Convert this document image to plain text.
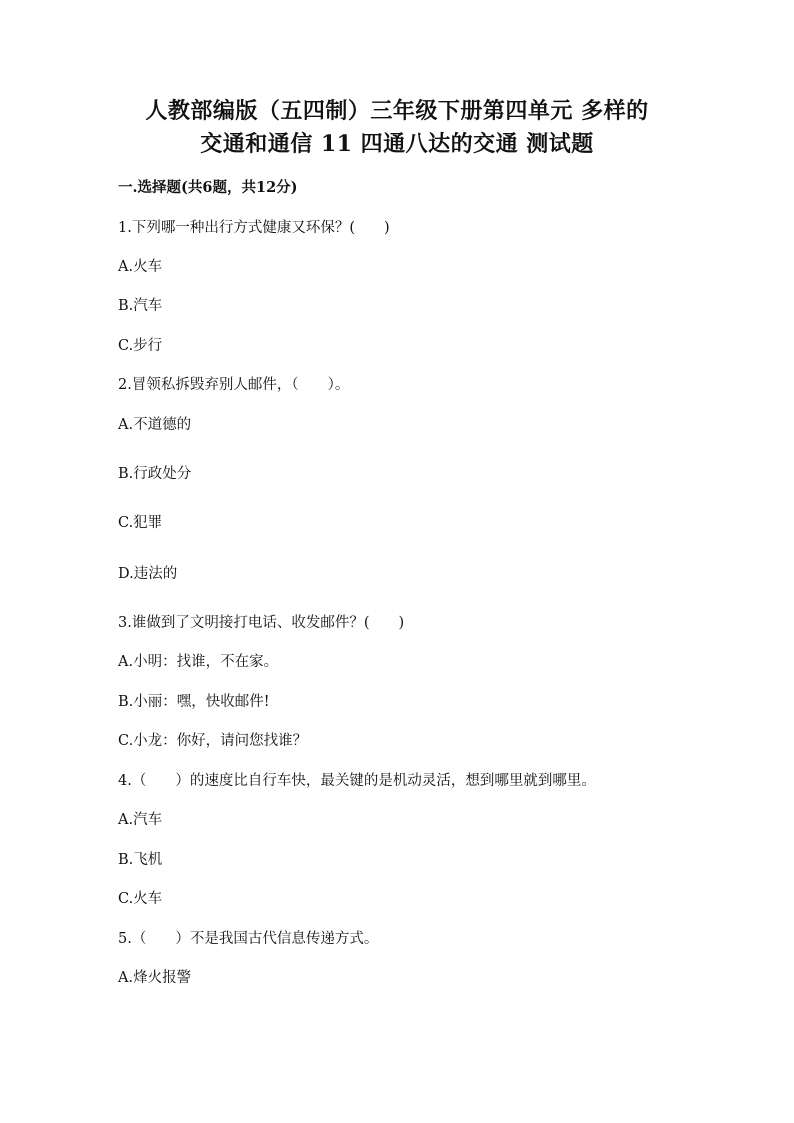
人教部编版（五四制）三年级下册第四单元 多样的
交通和通信 11 四通八达的交通 测试题
一.选择题(共6题，共12分)
1.下列哪一种出行方式健康又环保？(　　)
A.火车
B.汽车
C.步行
2.冒领私拆毁弃别人邮件，（　　）。
A.不道德的
B.行政处分
C.犯罪
D.违法的
3.谁做到了文明接打电话、收发邮件？(　　)
A.小明：找谁，不在家。
B.小丽：嘿，快收邮件!
C.小龙：你好，请问您找谁？
4.（　　）的速度比自行车快，最关键的是机动灵活，想到哪里就到哪里。
A.汽车
B.飞机
C.火车
5.（　　）不是我国古代信息传递方式。
A.烽火报警
